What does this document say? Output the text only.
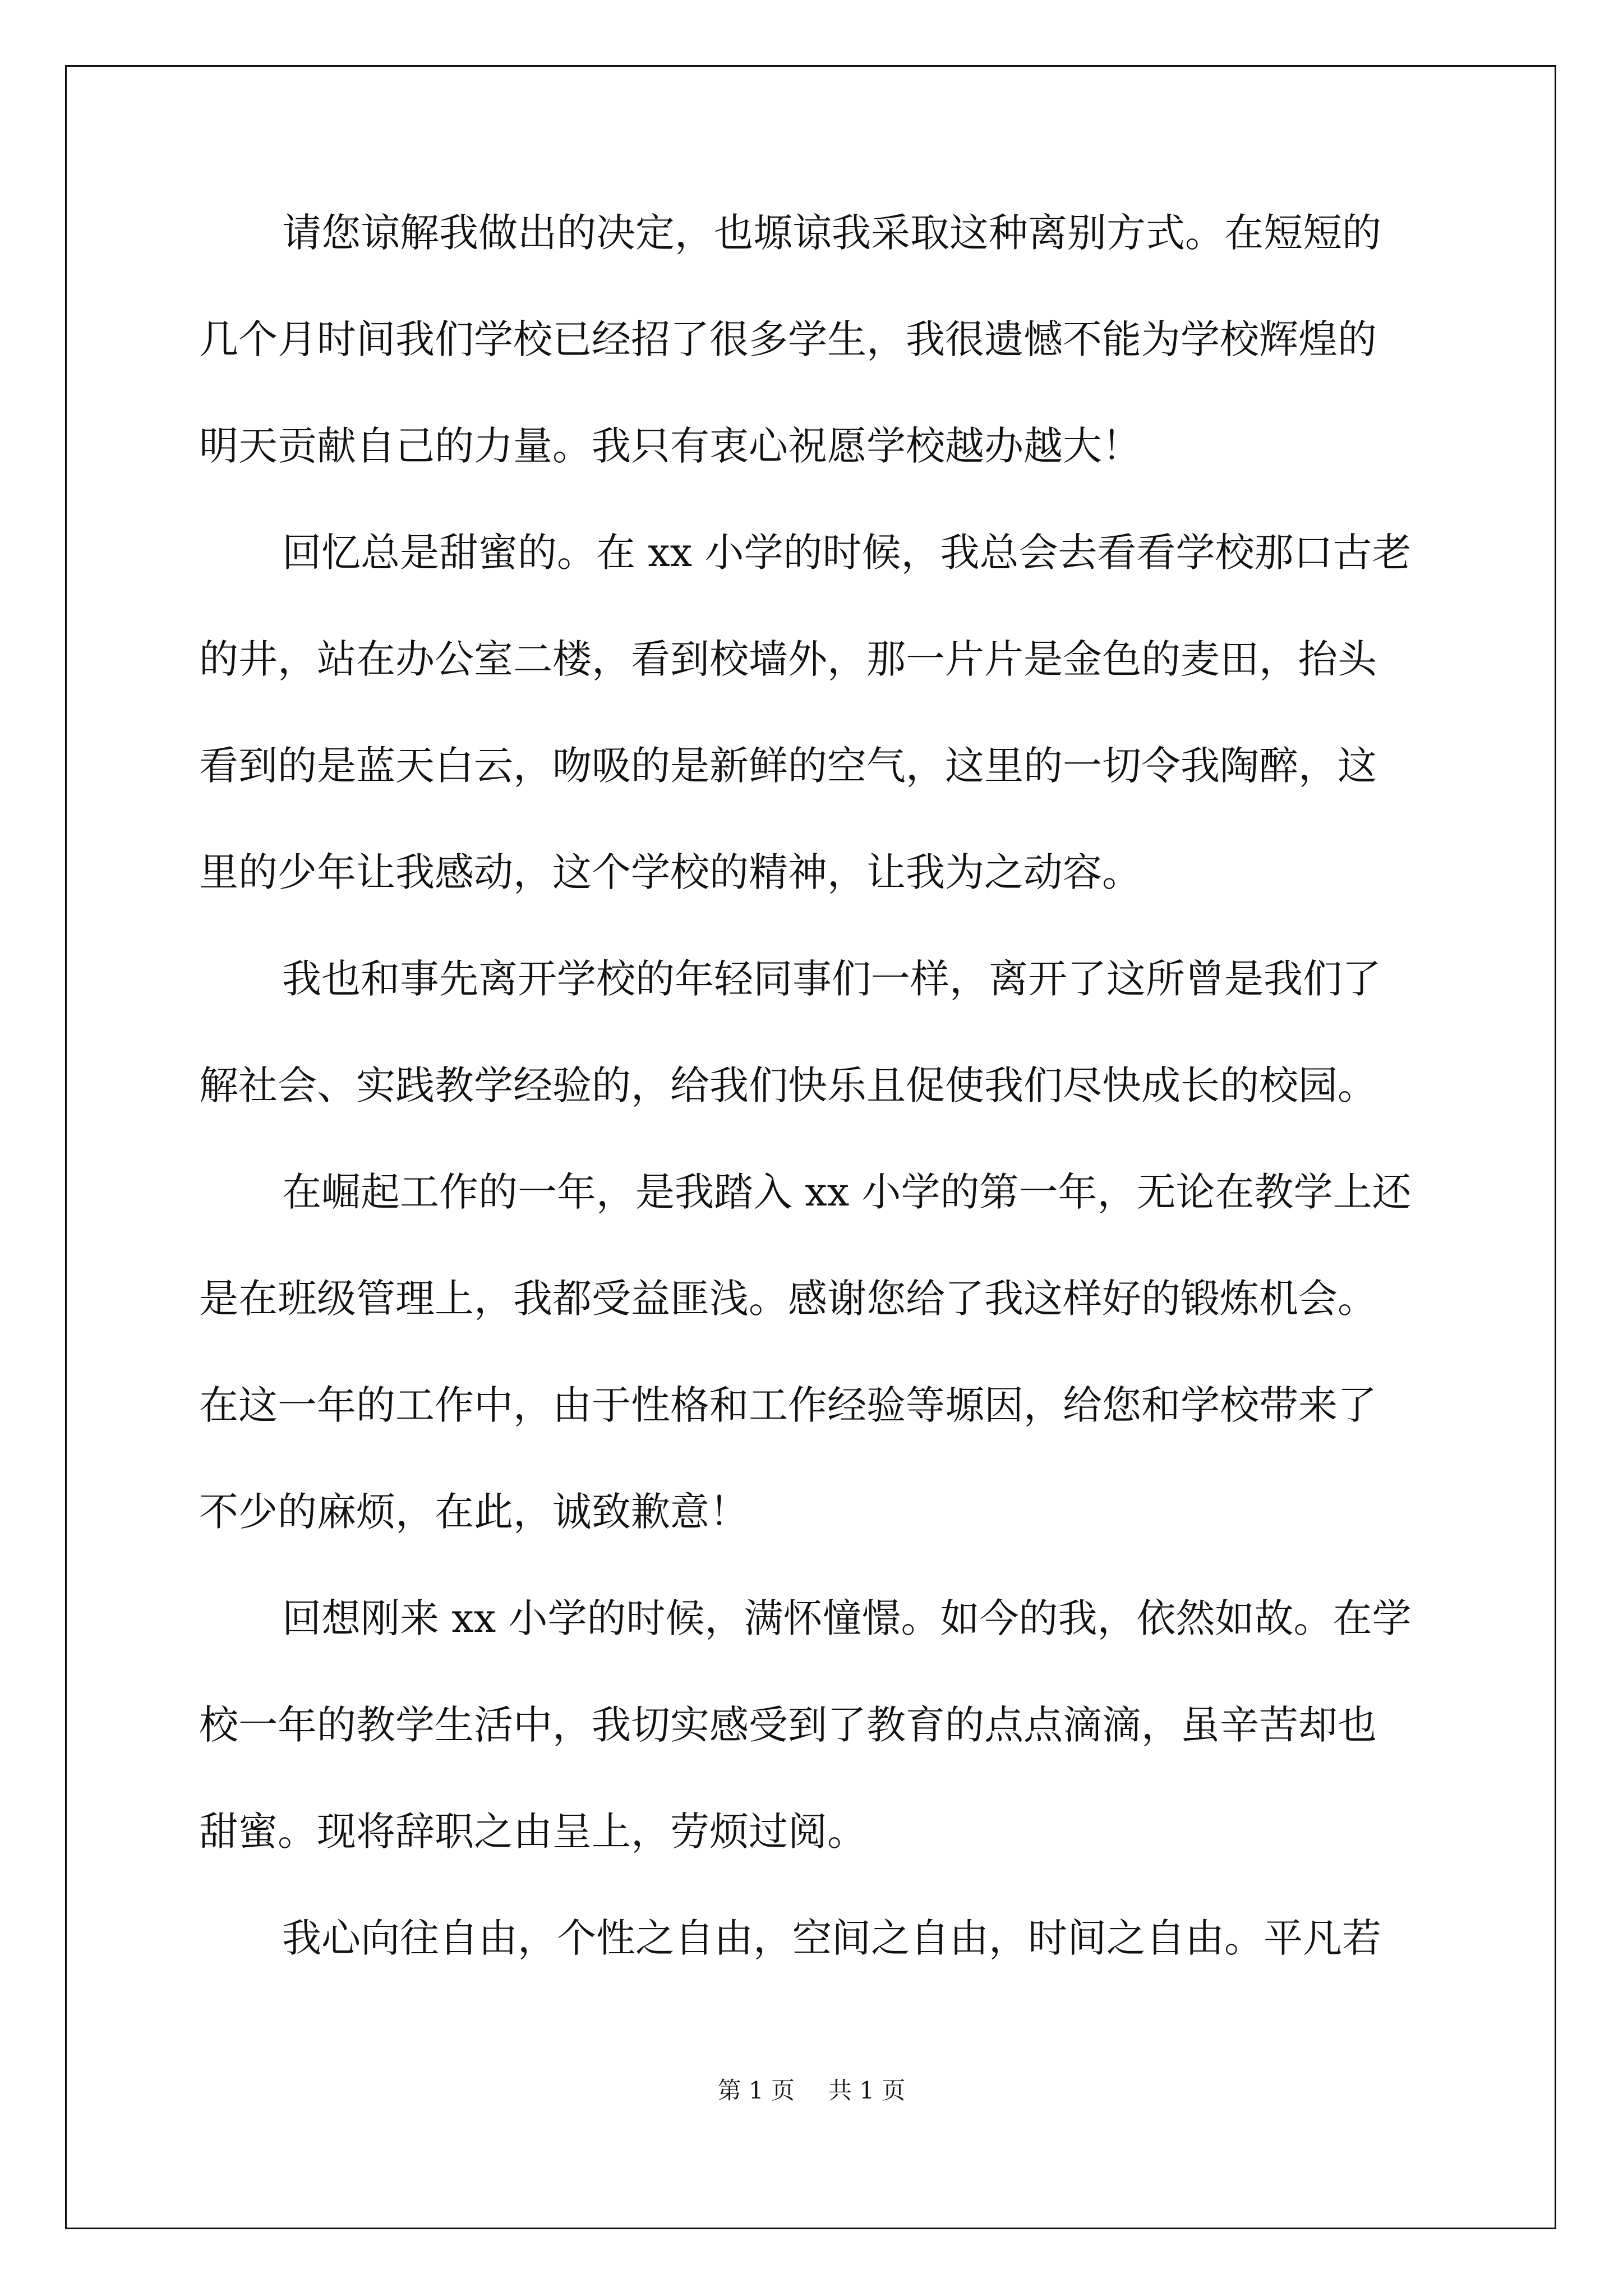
请您谅解我做出的决定，也塬谅我采取这种离别方式。在短短的
几个月时间我们学校已经招了很多学生，我很遗憾不能为学校辉煌的
明天贡献自己的力量。我只有衷心祝愿学校越办越大！
回忆总是甜蜜的。在 xx 小学的时候，我总会去看看学校那口古老
的井，站在办公室二楼，看到校墙外，那一片片是金色的麦田，抬头
看到的是蓝天白云，吻吸的是新鲜的空气，这里的一切令我陶醉，这
里的少年让我感动，这个学校的精神，让我为之动容。
我也和事先离开学校的年轻同事们一样，离开了这所曾是我们了
解社会、实践教学经验的，给我们快乐且促使我们尽快成长的校园。
在崛起工作的一年，是我踏入 xx 小学的第一年，无论在教学上还
是在班级管理上，我都受益匪浅。感谢您给了我这样好的锻炼机会。
在这一年的工作中，由于性格和工作经验等塬因，给您和学校带来了
不少的麻烦，在此，诚致歉意！
回想刚来 xx 小学的时候，满怀憧憬。如今的我，依然如故。在学
校一年的教学生活中，我切实感受到了教育的点点滴滴，虽辛苦却也
甜蜜。现将辞职之由呈上，劳烦过阅。
我心向往自由，个性之自由，空间之自由，时间之自由。平凡若
第 1 页 共 1 页
